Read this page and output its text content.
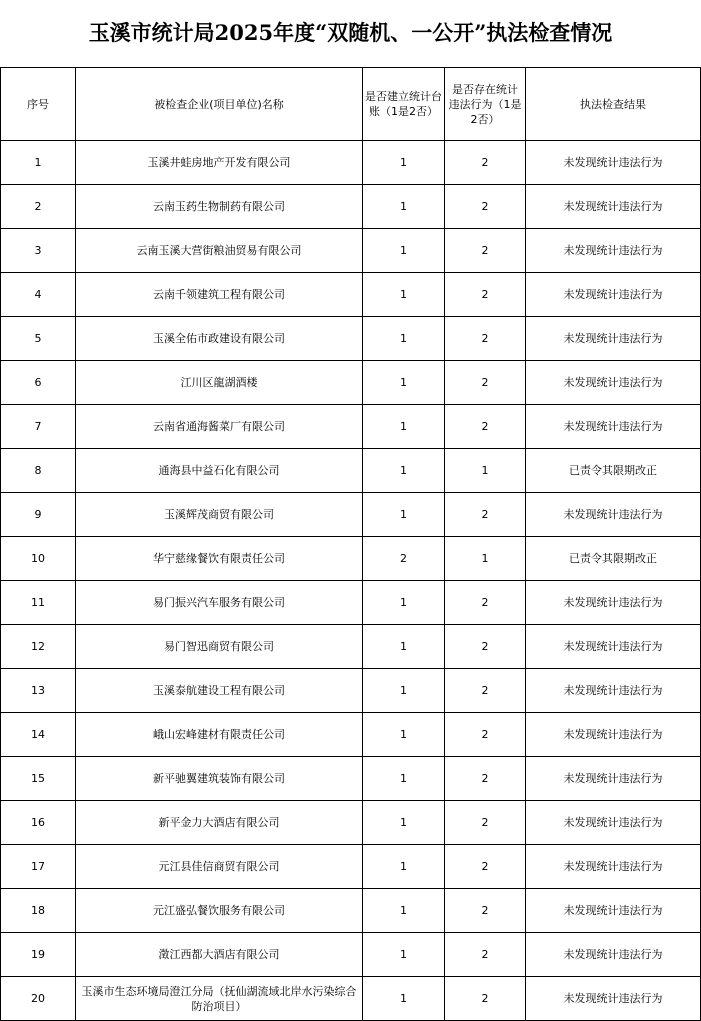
玉溪市统计局2025年度“双随机、一公开”执法检查情况
序号	被检查企业(项目单位)名称	是否建立统计台账（1是2否）	是否存在统计违法行为（1是 2否）	执法检查结果
1	玉溪井蛙房地产开发有限公司	1	2	未发现统计违法行为
2	云南玉药生物制药有限公司	1	2	未发现统计违法行为
3	云南玉溪大营街粮油贸易有限公司	1	2	未发现统计违法行为
4	云南千领建筑工程有限公司	1	2	未发现统计违法行为
5	玉溪全佑市政建设有限公司	1	2	未发现统计违法行为
6	江川区龍湖酒楼	1	2	未发现统计违法行为
7	云南省通海酱菜厂有限公司	1	2	未发现统计违法行为
8	通海县中益石化有限公司	1	1	已责令其限期改正
9	玉溪辉茂商贸有限公司	1	2	未发现统计违法行为
10	华宁慈缘餐饮有限责任公司	2	1	已责令其限期改正
11	易门振兴汽车服务有限公司	1	2	未发现统计违法行为
12	易门智迅商贸有限公司	1	2	未发现统计违法行为
13	玉溪泰航建设工程有限公司	1	2	未发现统计违法行为
14	峨山宏峰建材有限责任公司	1	2	未发现统计违法行为
15	新平驰翼建筑装饰有限公司	1	2	未发现统计违法行为
16	新平金力大酒店有限公司	1	2	未发现统计违法行为
17	元江县佳信商贸有限公司	1	2	未发现统计违法行为
18	元江盛弘餐饮服务有限公司	1	2	未发现统计违法行为
19	澂江西都大酒店有限公司	1	2	未发现统计违法行为
20	玉溪市生态环境局澄江分局（抚仙湖流域北岸水污染综合防治项目）	1	2	未发现统计违法行为
